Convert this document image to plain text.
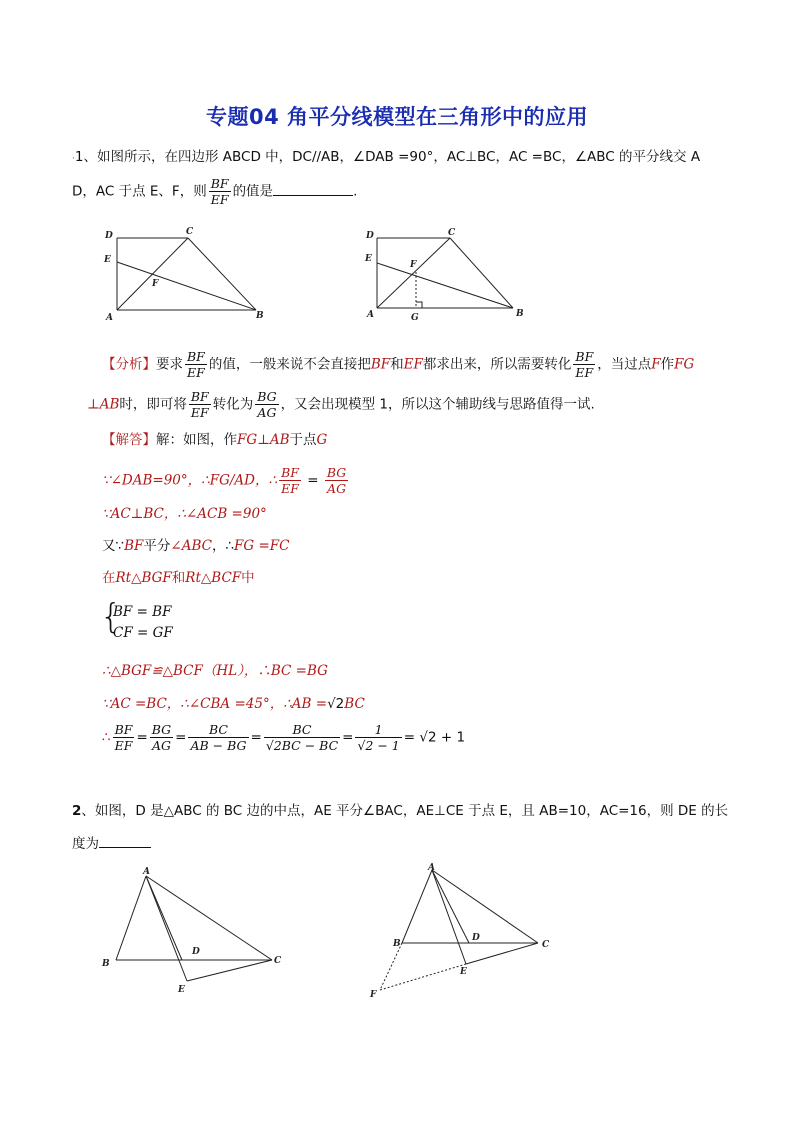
专题04 角平分线模型在三角形中的应用
·1、如图所示，在四边形 ABCD 中，DC//AB，∠DAB =90°，AC⊥BC，AC =BC，∠ABC 的平分线交 A
D，AC 于点 E、F，则 $\frac{BF}{EF}$ 的值是	.
D	C
E
F
A	B
D	C
E
F
A	G	B
【分析】要求 $\frac{BF}{EF}$ 的值，一般来说不会直接把BF和EF都求出来，所以需要转化 $\frac{BF}{EF}$ ，当过点F作FG
⊥AB时，即可将 $\frac{BF}{EF}$ 转化为 $\frac{BG}{AG}$ ，又会出现模型 1，所以这个辅助线与思路值得一试.
【解答】解：如图，作FG⊥AB于点G
∵∠DAB=90°，∴FG/AD，∴ $\frac{BF}{EF} = \frac{BG}{AG}$
∵AC⊥BC，∴∠ACB =90°
又∵BF平分∠ABC，∴FG =FC
在Rt△BGF和Rt△BCF中
{
BF = BF
CF = GF
∴△BGF≌△BCF（HL），∴BC =BG
∵AC =BC，∴∠CBA =45°，∴AB =√2BC
∴ $\frac{BF}{EF} = \frac{BG}{AG} = \frac{BC}{AB - BG} = \frac{BC}{√2BC - BC} = \frac{1}{√2 - 1} = √2 + 1$
2、如图，D 是△ABC 的 BC 边的中点，AE 平分∠BAC，AE⊥CE 于点 E，且 AB=10，AC=16，则 DE 的长
度为
A
D
B	C
E
A
B
D
C
E
F
